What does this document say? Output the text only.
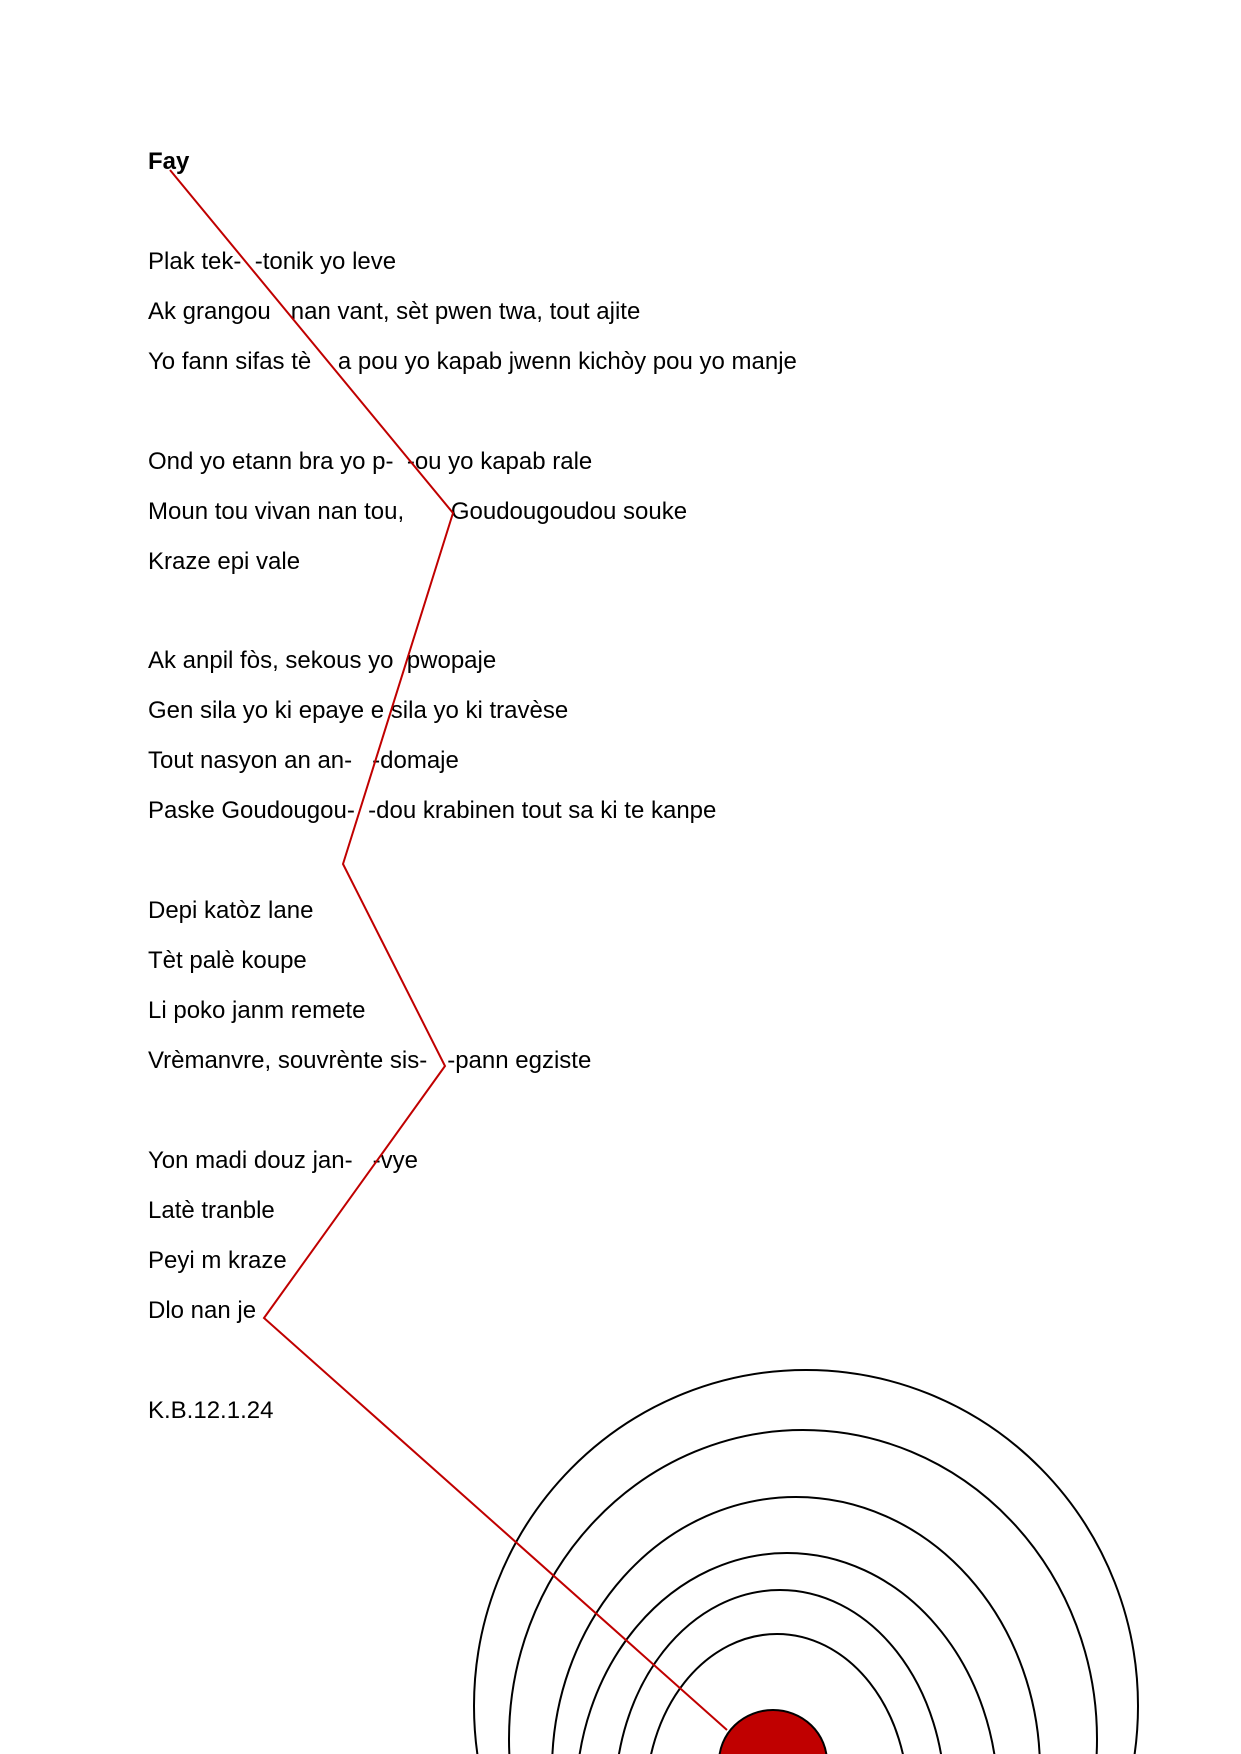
Fay
Plak tek-  -tonik yo leve
Ak grangou   nan vant, sèt pwen twa, tout ajite
Yo fann sifas tè    a pou yo kapab jwenn kichòy pou yo manje
Ond yo etann bra yo p-  -ou yo kapab rale
Moun tou vivan nan tou,       Goudougoudou souke
Kraze epi vale
Ak anpil fòs, sekous yo  pwopaje
Gen sila yo ki epaye e sila yo ki travèse
Tout nasyon an an-   -domaje
Paske Goudougou-  -dou krabinen tout sa ki te kanpe
Depi katòz lane
Tèt palè koupe
Li poko janm remete
Vrèmanvre, souvrènte sis-   -pann egziste
Yon madi douz jan-   -vye
Latè tranble
Peyi m kraze
Dlo nan je
K.B.12.1.24
